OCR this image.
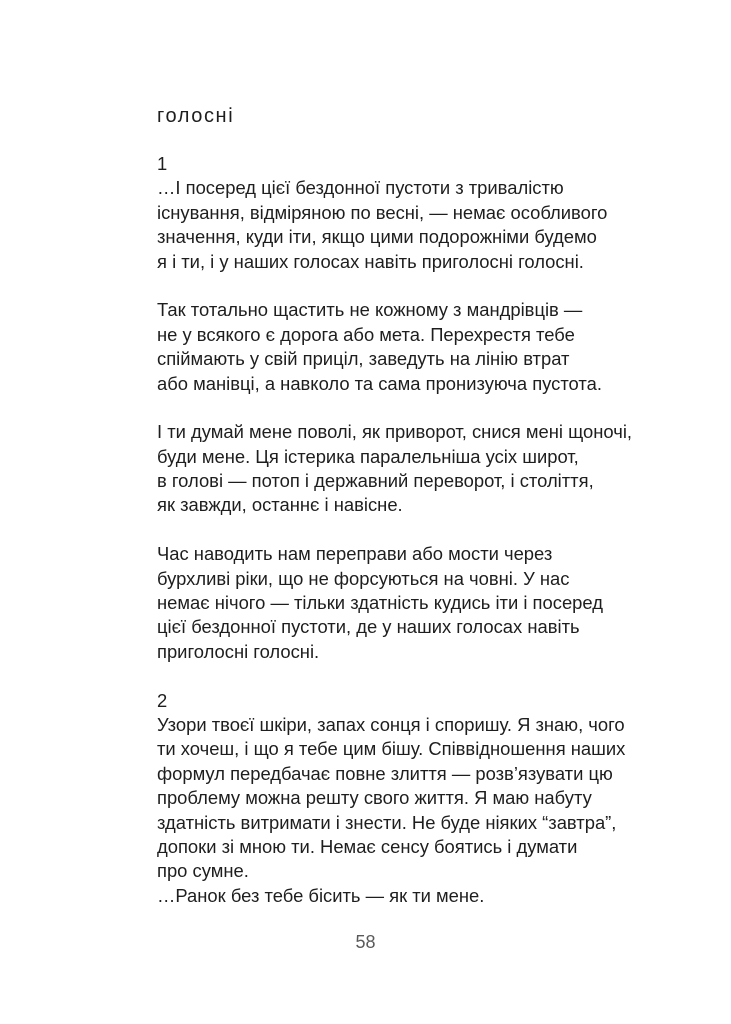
голосні
1
…І посеред цієї бездонної пустоти з тривалістю
існування, відміряною по весні, — немає особливого
значення, куди іти, якщо цими подорожніми будемо
я і ти, і у наших голосах навіть приголосні голосні.
Так тотально щастить не кожному з мандрівців —
не у всякого є дорога або мета. Перехрестя тебе
спіймають у свій приціл, заведуть на лінію втрат
або манівці, а навколо та сама пронизуюча пустота.
І ти думай мене поволі, як приворот, снися мені щоночі,
буди мене. Ця істерика паралельніша усіх широт,
в голові — потоп і державний переворот, і століття,
як завжди, останнє і навісне.
Час наводить нам переправи або мости через
бурхливі ріки, що не форсуються на човні. У нас
немає нічого — тільки здатність кудись іти і посеред
цієї бездонної пустоти, де у наших голосах навіть
приголосні голосні.
2
Узори твоєї шкіри, запах сонця і споришу. Я знаю, чого
ти хочеш, і що я тебе цим бішу. Співвідношення наших
формул передбачає повне злиття — розв’язувати цю
проблему можна решту свого життя. Я маю набуту
здатність витримати і знести. Не буде ніяких “завтра”,
допоки зі мною ти. Немає сенсу боятись і думати
про сумне.
…Ранок без тебе бісить — як ти мене.
58
